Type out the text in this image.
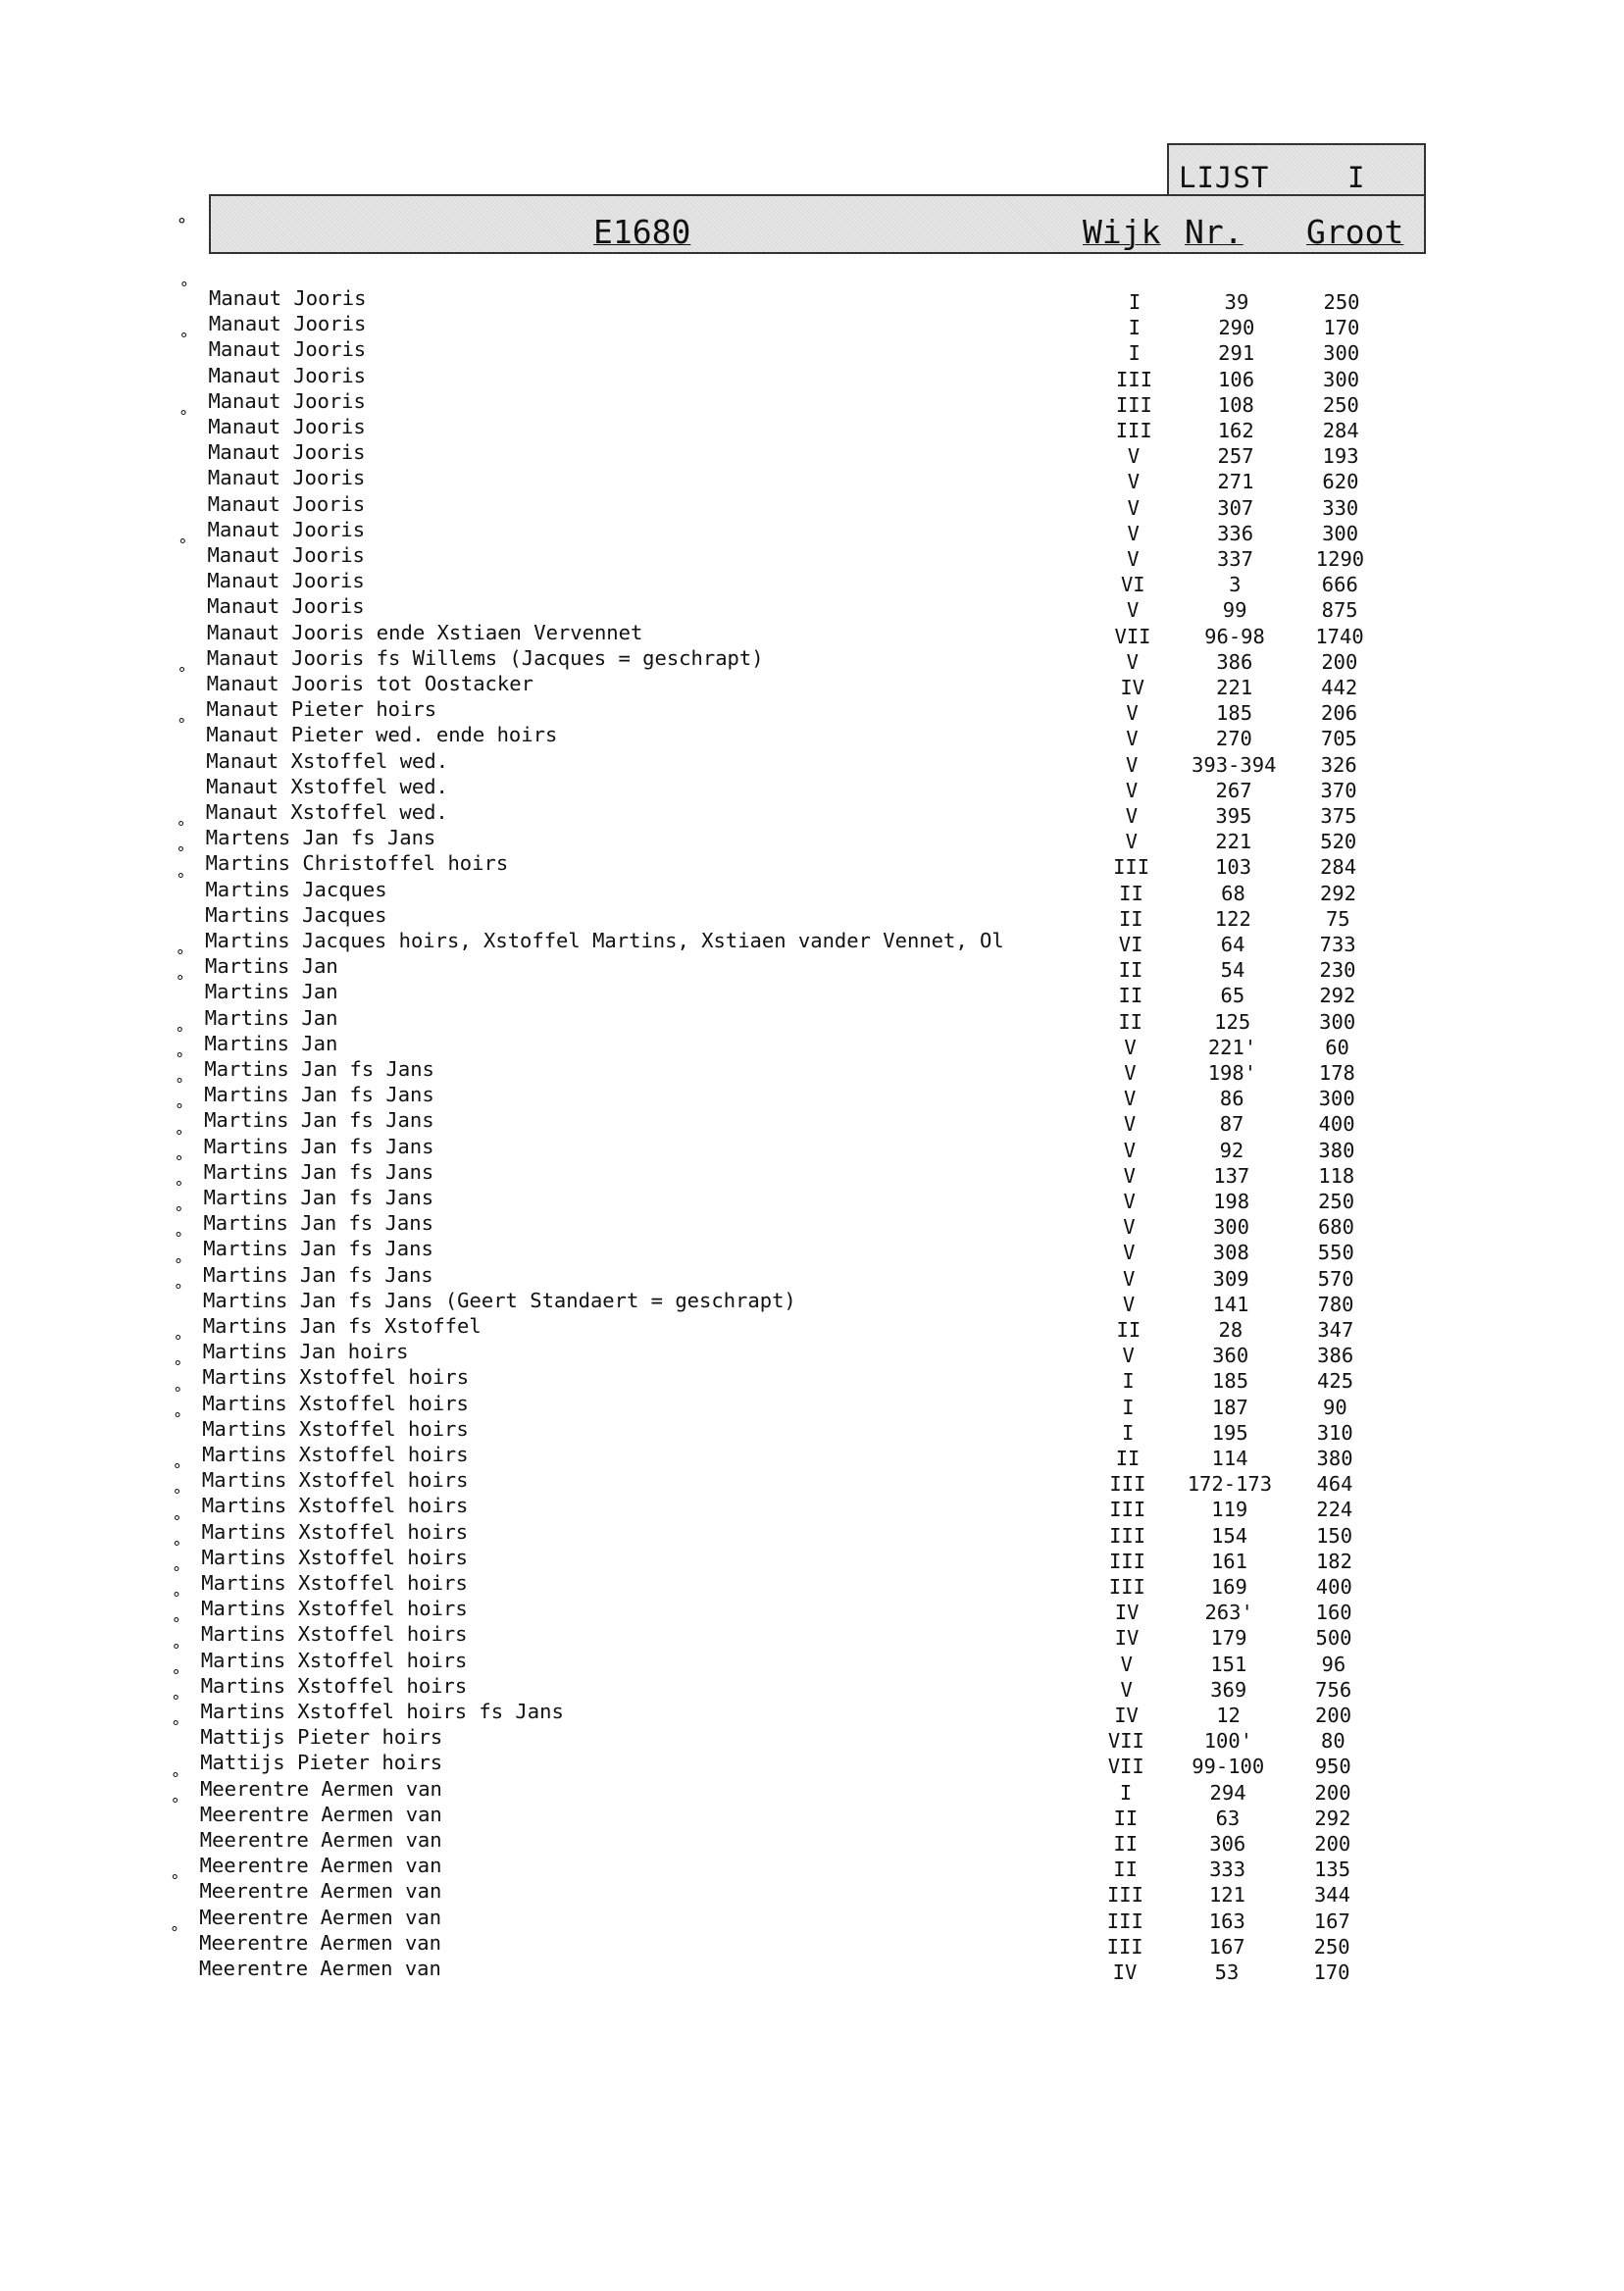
LIJST	I
°	E1680	Wijk Nr. Groot
° Manaut Jooris	I	39	250
Manaut Jooris	I	290	170
° Manaut Jooris	I	291	300
Manaut Jooris	III	106	300
Manaut Jooris	III	108	250
° Manaut Jooris	III	162	284
Manaut Jooris	V	257	193
Manaut Jooris	V	271	620
Manaut Jooris	V	307	330
Manaut Jooris	V	336	300
° Manaut Jooris	V	337	1290
Manaut Jooris	VI	3	666
Manaut Jooris	V	99	875
Manaut Jooris ende Xstiaen Vervennet	VII	96-98	1740
Manaut Jooris fs Willems (Jacques = geschrapt)	V	386	200
° Manaut Jooris tot Oostacker	IV	221	442
Manaut Pieter hoirs	V	185	206
° Manaut Pieter wed. ende hoirs	V	270	705
Manaut Xstoffel wed.	V	393-394	326
Manaut Xstoffel wed.	V	267	370
Manaut Xstoffel wed.	V	395	375
° Martens Jan fs Jans	V	221	520
° Martins Christoffel hoirs	III	103	284
° Martins Jacques	II	68	292
Martins Jacques	II	122	75
Martins Jacques hoirs, Xstoffel Martins, Xstiaen vander Vennet, Ol	VI	64	733
° Martins Jan	II	54	230
° Martins Jan	II	65	292
Martins Jan	II	125	300
° Martins Jan	V	221'	60
° Martins Jan fs Jans	V	198'	178
° Martins Jan fs Jans	V	86	300
° Martins Jan fs Jans	V	87	400
° Martins Jan fs Jans	V	92	380
° Martins Jan fs Jans	V	137	118
° Martins Jan fs Jans	V	198	250
° Martins Jan fs Jans	V	300	680
° Martins Jan fs Jans	V	308	550
° Martins Jan fs Jans	V	309	570
° Martins Jan fs Jans (Geert Standaert = geschrapt)	V	141	780
Martins Jan fs Xstoffel	II	28	347
° Martins Jan hoirs	V	360	386
° Martins Xstoffel hoirs	I	185	425
° Martins Xstoffel hoirs	I	187	90
° Martins Xstoffel hoirs	I	195	310
Martins Xstoffel hoirs	II	114	380
° Martins Xstoffel hoirs	III	172-173	464
° Martins Xstoffel hoirs	III	119	224
° Martins Xstoffel hoirs	III	154	150
° Martins Xstoffel hoirs	III	161	182
° Martins Xstoffel hoirs	III	169	400
° Martins Xstoffel hoirs	IV	263'	160
° Martins Xstoffel hoirs	IV	179	500
° Martins Xstoffel hoirs	V	151	96
° Martins Xstoffel hoirs	V	369	756
° Martins Xstoffel hoirs fs Jans	IV	12	200
° Mattijs Pieter hoirs	VII	100'	80
Mattijs Pieter hoirs	VII	99-100	950
° Meerentre Aermen van	I	294	200
° Meerentre Aermen van	II	63	292
Meerentre Aermen van	II	306	200
Meerentre Aermen van	II	333	135
° Meerentre Aermen van	III	121	344
Meerentre Aermen van	III	163	167
° Meerentre Aermen van	III	167	250
Meerentre Aermen van	IV	53	170
